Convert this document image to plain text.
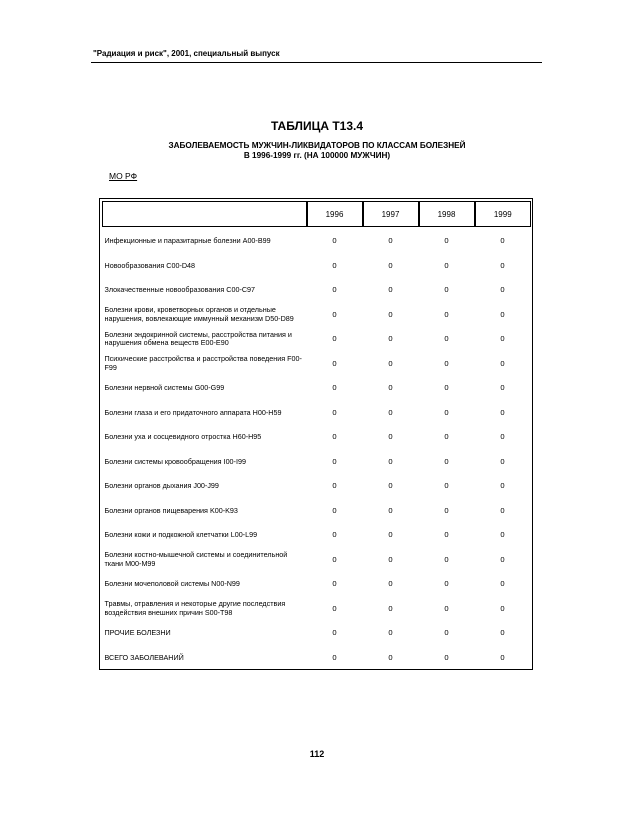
"Радиация и риск", 2001, специальный выпуск
ТАБЛИЦА Т13.4
ЗАБОЛЕВАЕМОСТЬ МУЖЧИН-ЛИКВИДАТОРОВ ПО КЛАССАМ БОЛЕЗНЕЙ
В 1996-1999 гг. (НА 100000 МУЖЧИН)
МО РФ
	1996	1997	1998	1999
Инфекционные и паразитарные болезни A00-B99	0	0	0	0
Новообразования C00-D48	0	0	0	0
Злокачественные новообразования C00-C97	0	0	0	0
Болезни крови, кроветворных органов и отдельные нарушения, вовлекающие иммунный механизм D50-D89	0	0	0	0
Болезни эндокринной системы, расстройства питания и нарушения обмена веществ E00-E90	0	0	0	0
Психические расстройства и расстройства поведения F00-F99	0	0	0	0
Болезни нервной системы G00-G99	0	0	0	0
Болезни глаза и его придаточного аппарата H00-H59	0	0	0	0
Болезни уха и сосцевидного отростка H60-H95	0	0	0	0
Болезни системы кровообращения I00-I99	0	0	0	0
Болезни органов дыхания J00-J99	0	0	0	0
Болезни органов пищеварения K00-K93	0	0	0	0
Болезни кожи и подкожной клетчатки L00-L99	0	0	0	0
Болезни костно-мышечной системы и соединительной ткани M00-M99	0	0	0	0
Болезни мочеполовой системы N00-N99	0	0	0	0
Травмы, отравления и некоторые другие последствия воздействия внешних причин S00-T98	0	0	0	0
ПРОЧИЕ БОЛЕЗНИ	0	0	0	0
ВСЕГО ЗАБОЛЕВАНИЙ	0	0	0	0
112
